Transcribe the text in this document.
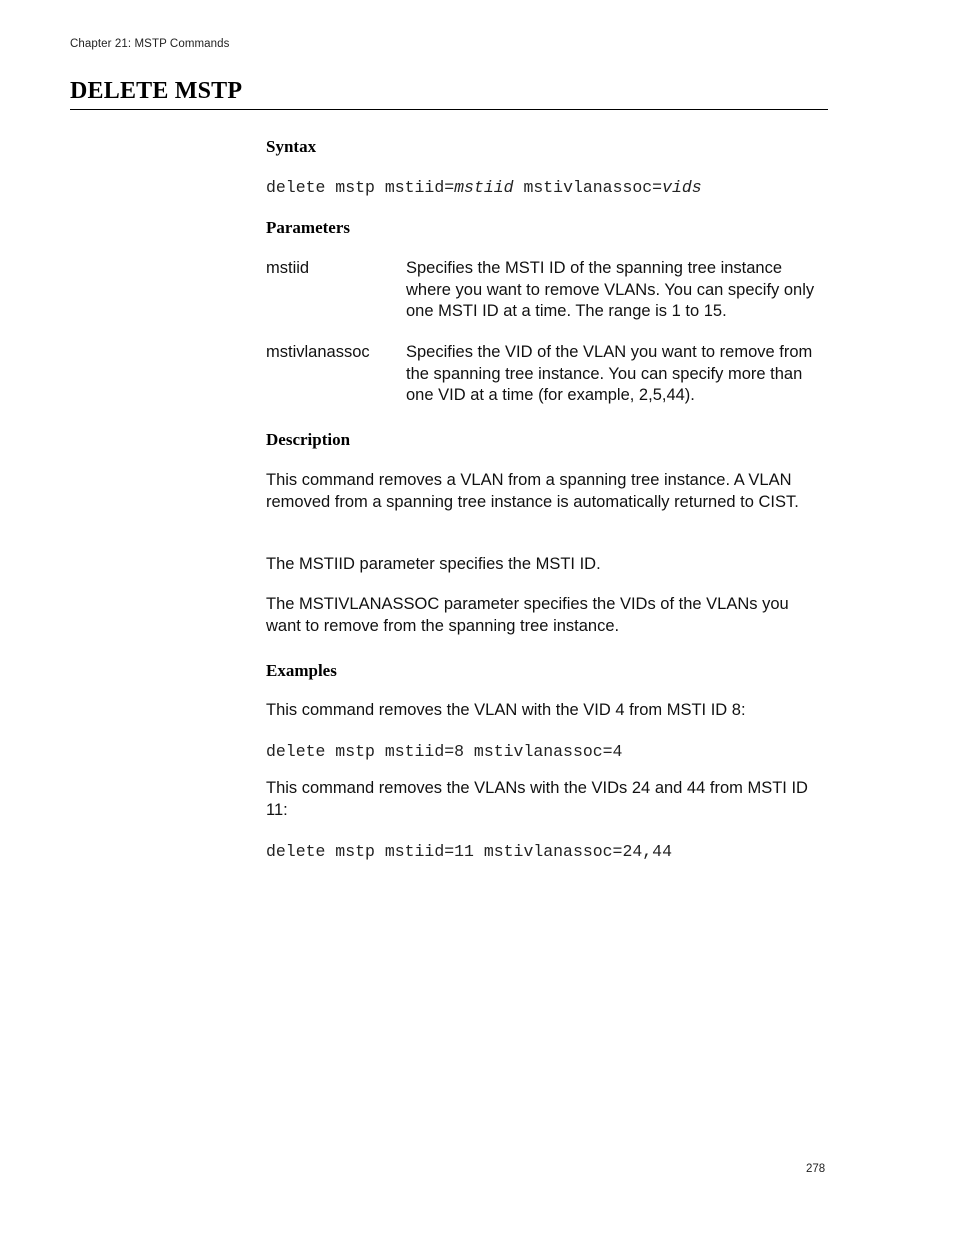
Chapter 21: MSTP Commands
DELETE MSTP
Syntax

delete mstp mstiid=mstiid mstivlanassoc=vids

Parameters
mstiid	Specifies the MSTI ID of the spanning tree instance where you want to remove VLANs. You can specify only one MSTI ID at a time. The range is 1 to 15.
mstivlanassoc Specifies the VID of the VLAN you want to remove from the spanning tree instance. You can specify more than one VID at a time (for example, 2,5,44).
Description

This command removes a VLAN from a spanning tree instance. A VLAN removed from a spanning tree instance is automatically returned to CIST.

The MSTIID parameter specifies the MSTI ID.

The MSTIVLANASSOC parameter specifies the VIDs of the VLANs you want to remove from the spanning tree instance.

Examples

This command removes the VLAN with the VID 4 from MSTI ID 8:

delete mstp mstiid=8 mstivlanassoc=4

This command removes the VLANs with the VIDs 24 and 44 from MSTI ID 11:

delete mstp mstiid=11 mstivlanassoc=24,44

278
